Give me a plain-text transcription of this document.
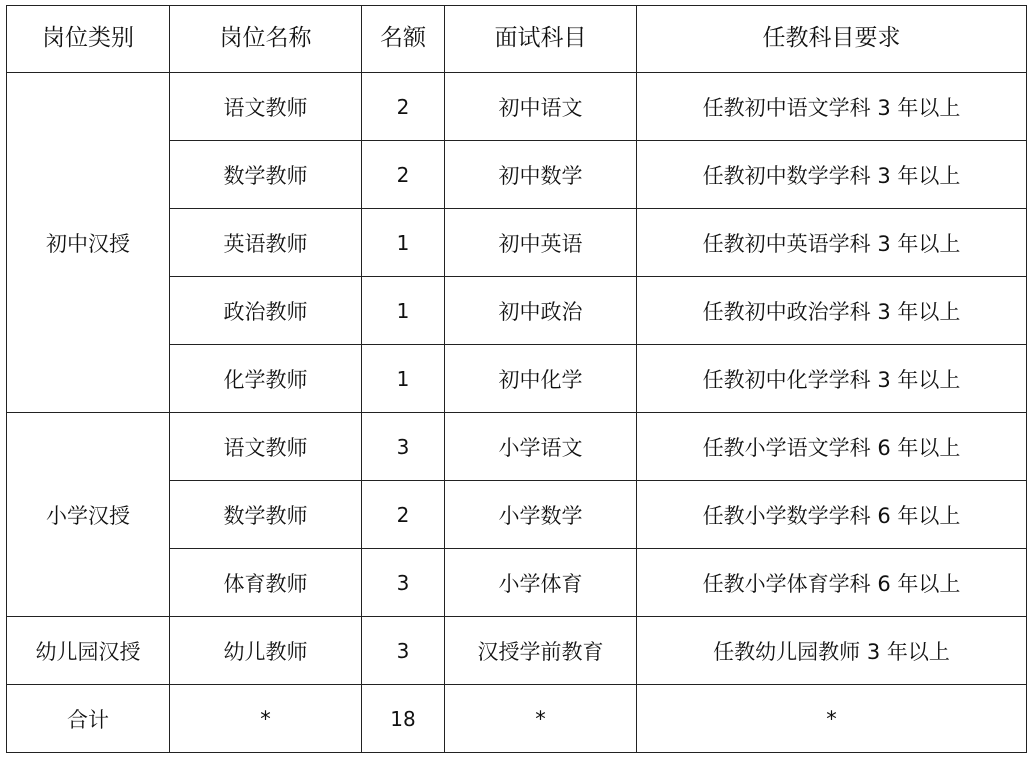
岗位类别	岗位名称	名额	面试科目	任教科目要求
初中汉授	语文教师	2	初中语文	任教初中语文学科 3 年以上
	数学教师	2	初中数学	任教初中数学学科 3 年以上
	英语教师	1	初中英语	任教初中英语学科 3 年以上
	政治教师	1	初中政治	任教初中政治学科 3 年以上
	化学教师	1	初中化学	任教初中化学学科 3 年以上
小学汉授	语文教师	3	小学语文	任教小学语文学科 6 年以上
	数学教师	2	小学数学	任教小学数学学科 6 年以上
	体育教师	3	小学体育	任教小学体育学科 6 年以上
幼儿园汉授	幼儿教师	3	汉授学前教育	任教幼儿园教师 3 年以上
合计	*	18	*	*
